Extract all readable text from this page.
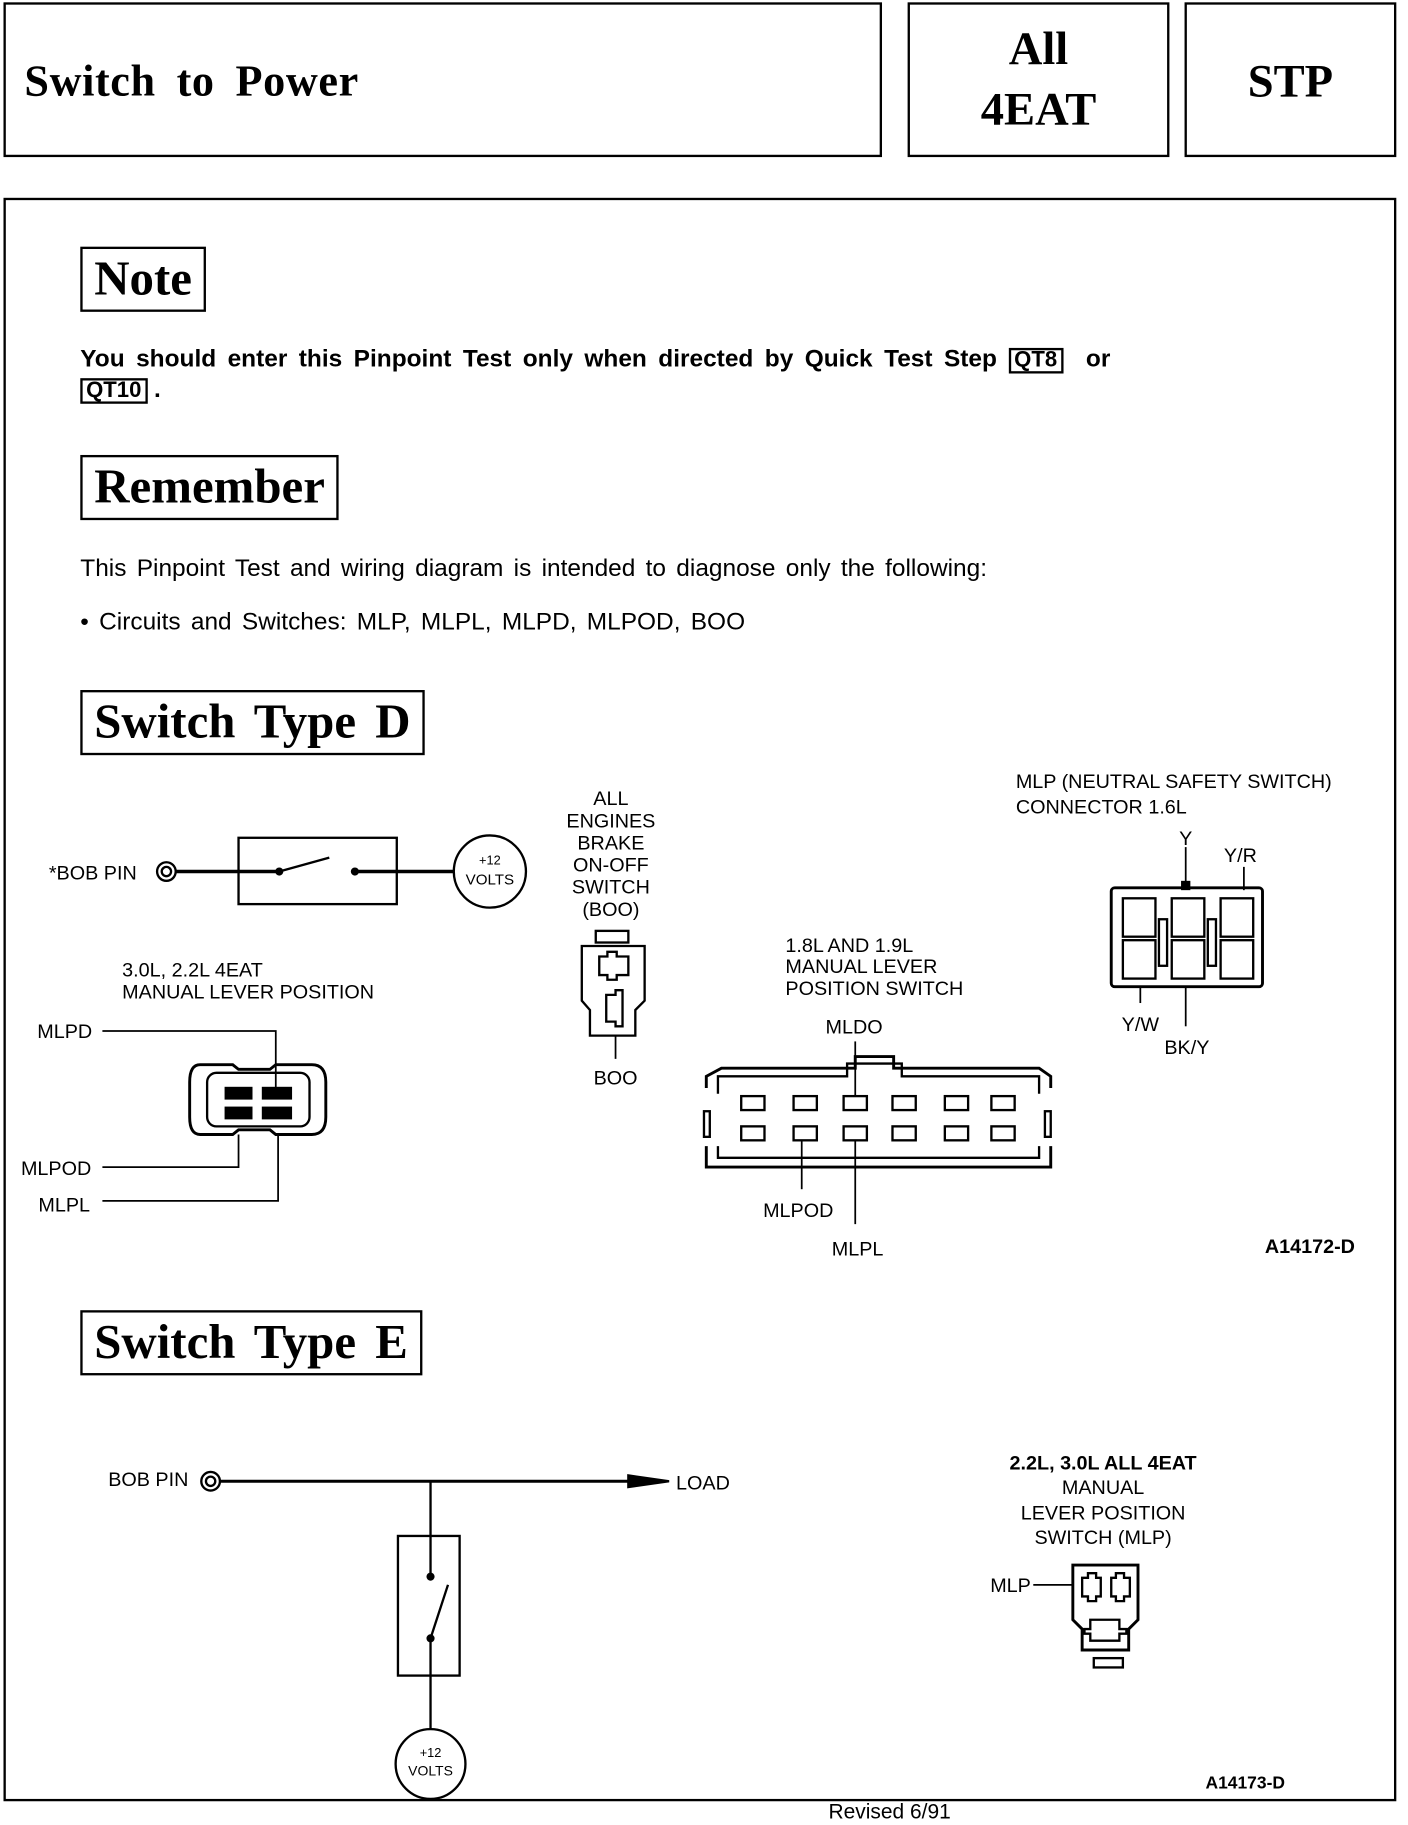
Switch to Power
All
4EAT
STP
Note
You should enter this Pinpoint Test only when directed by Quick Test Step QT8 or
QT10 .
Remember
This Pinpoint Test and wiring diagram is intended to diagnose only the following:
• Circuits and Switches: MLP, MLPL, MLPD, MLPOD, BOO
Switch Type D
Switch Type E
*BOB PIN
+12
VOLTS
ALL
ENGINES
BRAKE
ON-OFF
SWITCH
(BOO)
BOO
3.0L, 2.2L 4EAT
MANUAL LEVER POSITION
MLPD
MLPOD
MLPL
1.8L AND 1.9L
MANUAL LEVER
POSITION SWITCH
MLDO
MLPOD
MLPL
MLP (NEUTRAL SAFETY SWITCH)
CONNECTOR 1.6L
Y
Y/R
Y/W
BK/Y
A14172-D
BOB PIN	LOAD
+12
VOLTS
2.2L, 3.0L ALL 4EAT
MANUAL
LEVER POSITION
SWITCH (MLP)
MLP
A14173-D
Revised 6/91
